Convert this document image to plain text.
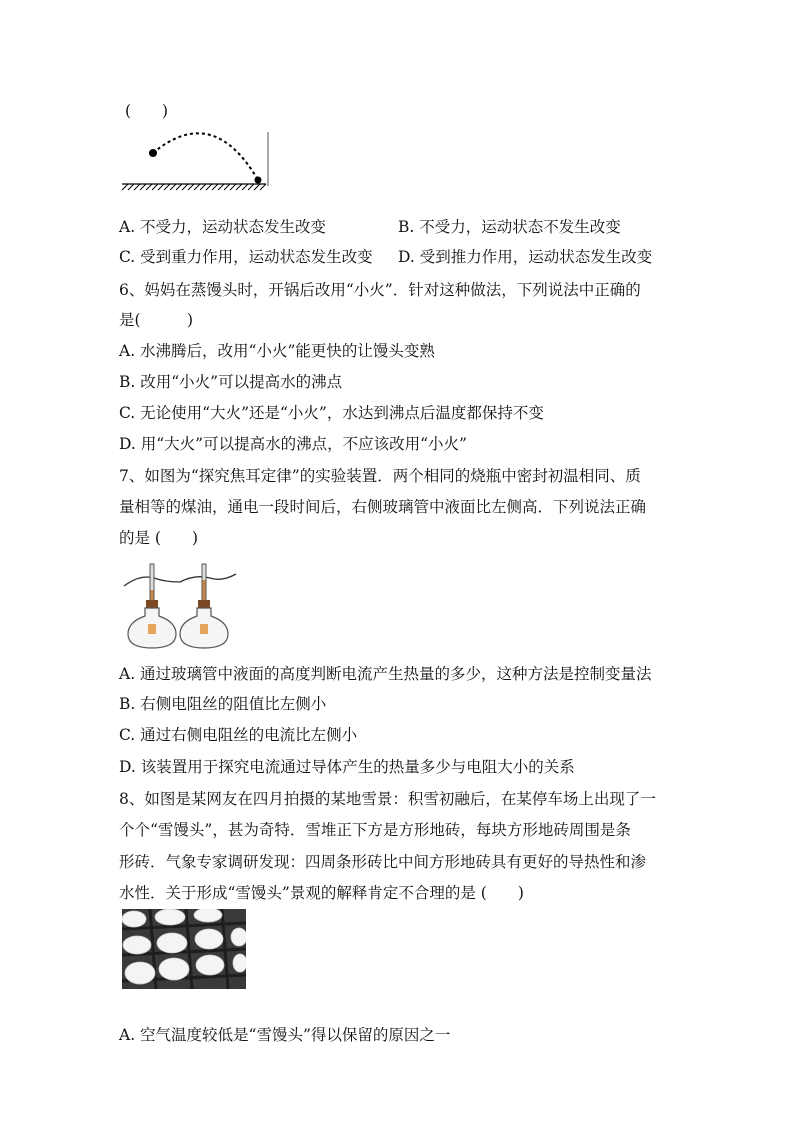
(　　)
A. 不受力，运动状态发生改变	B. 不受力，运动状态不发生改变
C. 受到重力作用，运动状态发生改变 D. 受到推力作用，运动状态发生改变
6、妈妈在蒸馒头时，开锅后改用“小火”．针对这种做法，下列说法中正确的
是(　　　)
A. 水沸腾后，改用“小火”能更快的让馒头变熟
B. 改用“小火”可以提高水的沸点
C. 无论使用“大火”还是“小火”，水达到沸点后温度都保持不变
D. 用“大火”可以提高水的沸点，不应该改用“小火”
7、如图为“探究焦耳定律”的实验装置．两个相同的烧瓶中密封初温相同、质
量相等的煤油，通电一段时间后，右侧玻璃管中液面比左侧高．下列说法正确
的是 (　　)
A. 通过玻璃管中液面的高度判断电流产生热量的多少，这种方法是控制变量法
B. 右侧电阻丝的阻值比左侧小
C. 通过右侧电阻丝的电流比左侧小
D. 该装置用于探究电流通过导体产生的热量多少与电阻大小的关系
8、如图是某网友在四月拍摄的某地雪景：积雪初融后，在某停车场上出现了一
个个“雪馒头”，甚为奇特．雪堆正下方是方形地砖，每块方形地砖周围是条
形砖．气象专家调研发现：四周条形砖比中间方形地砖具有更好的导热性和渗
水性．关于形成“雪馒头”景观的解释肯定不合理的是 (　　)
A. 空气温度较低是“雪馒头”得以保留的原因之一
